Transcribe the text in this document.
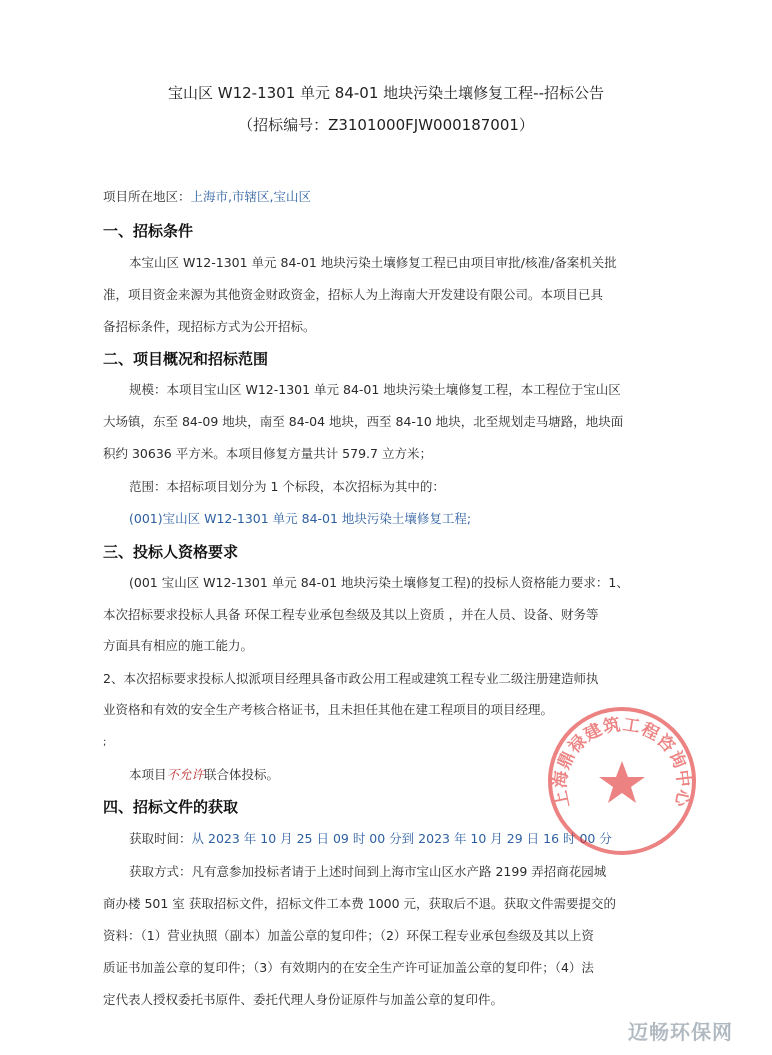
宝山区 W12-1301 单元 84-01 地块污染土壤修复工程--招标公告
（招标编号：Z3101000FJW000187001）
项目所在地区：上海市,市辖区,宝山区
一、招标条件
本宝山区 W12-1301 单元 84-01 地块污染土壤修复工程已由项目审批/核准/备案机关批
准，项目资金来源为其他资金财政资金，招标人为上海南大开发建设有限公司。本项目已具
备招标条件，现招标方式为公开招标。
二、项目概况和招标范围
规模：本项目宝山区 W12-1301 单元 84-01 地块污染土壤修复工程，本工程位于宝山区
大场镇，东至 84-09 地块，南至 84-04 地块，西至 84-10 地块，北至规划走马塘路，地块面
积约 30636 平方米。本项目修复方量共计 579.7 立方米；
范围：本招标项目划分为 1 个标段，本次招标为其中的：
(001)宝山区 W12-1301 单元 84-01 地块污染土壤修复工程;
三、投标人资格要求
(001 宝山区 W12-1301 单元 84-01 地块污染土壤修复工程)的投标人资格能力要求：1、
本次招标要求投标人具备 环保工程专业承包叁级及其以上资质 ，并在人员、设备、财务等
方面具有相应的施工能力。
2、本次招标要求投标人拟派项目经理具备市政公用工程或建筑工程专业二级注册建造师执
业资格和有效的安全生产考核合格证书，且未担任其他在建工程项目的项目经理。
;
本项目不允许联合体投标。
四、招标文件的获取
获取时间：从 2023 年 10 月 25 日 09 时 00 分到 2023 年 10 月 29 日 16 时 00 分
获取方式：凡有意参加投标者请于上述时间到上海市宝山区水产路 2199 弄招商花园城
商办楼 501 室 获取招标文件，招标文件工本费 1000 元，获取后不退。获取文件需要提交的
资料：（1）营业执照（副本）加盖公章的复印件；（2）环保工程专业承包叁级及其以上资
质证书加盖公章的复印件；（3）有效期内的在安全生产许可证加盖公章的复印件；（4）法
定代表人授权委托书原件、委托代理人身份证原件与加盖公章的复印件。
上海鼎禄建筑工程咨询中心
迈畅环保网
